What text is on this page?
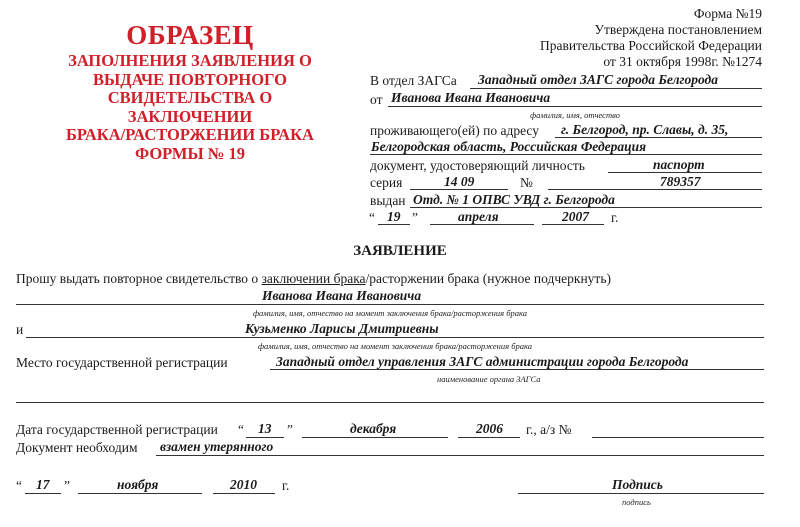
ОБРАЗЕЦ
ЗАПОЛНЕНИЯ ЗАЯВЛЕНИЯ О
ВЫДАЧЕ ПОВТОРНОГО
СВИДЕТЕЛЬСТВА О
ЗАКЛЮЧЕНИИ
БРАКА/РАСТОРЖЕНИИ БРАКА
ФОРМЫ № 19
Форма №19
Утверждена постановлением
Правительства Российской Федерации
от 31 октября 1998г. №1274
В отдел ЗАГСа Западный отдел ЗАГС города Белгорода
от Иванова Ивана Ивановича
фамилия, имя, отчество
проживающего(ей) по адресу г. Белгород, пр. Славы, д. 35,
Белгородская область, Российская Федерация
документ, удостоверяющий личность	паспорт
серия	14 09	№	789357
выдан Отд. № 1 ОПВС УВД г. Белгорода
“ 19 ”	апреля	2007 г.
ЗАЯВЛЕНИЕ
Прошу выдать повторное свидетельство о заключении брака/расторжении брака (нужное подчеркнуть)
Иванова Ивана Ивановича
фамилия, имя, отчество на момент заключения брака/расторжения брака
и	Кузьменко Ларисы Дмитриевны
фамилия, имя, отчество на момент заключения брака/расторжения брака
Место государственной регистрации	Западный отдел управления ЗАГС администрации города Белгорода
наименование органа ЗАГСа
Дата государственной регистрации “ 13 ”	декабря	2006 г., а/з №
Документ необходим взамен утерянного
“ 17 ”	ноября	2010 г.	Подпись
подпись
